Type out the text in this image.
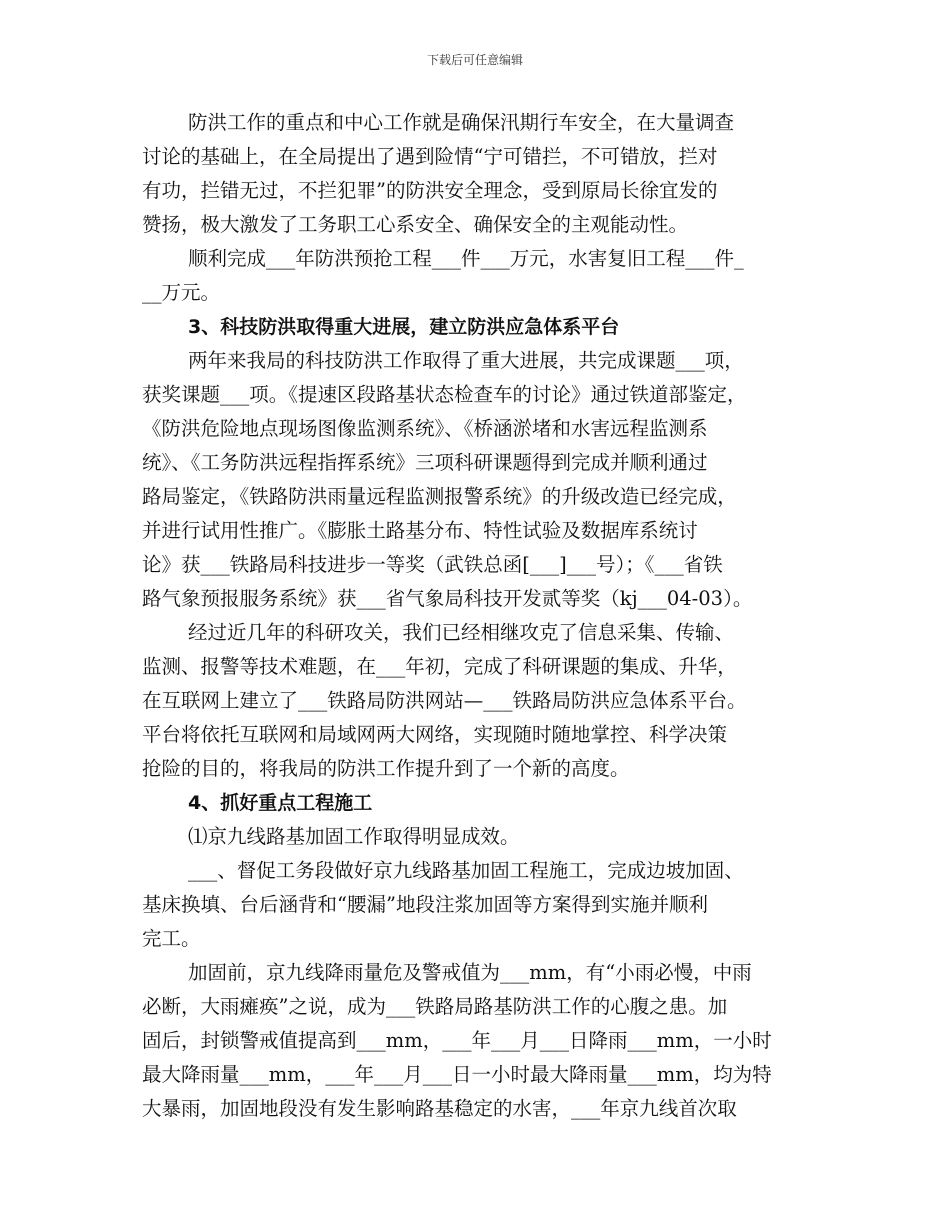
下载后可任意编辑
防洪工作的重点和中心工作就是确保汛期行车安全，在大量调查
讨论的基础上，在全局提出了遇到险情“宁可错拦，不可错放，拦对
有功，拦错无过，不拦犯罪”的防洪安全理念，受到原局长徐宜发的
赞扬，极大激发了工务职工心系安全、确保安全的主观能动性。
顺利完成___年防洪预抢工程___件___万元，水害复旧工程___件_
__万元。
3、科技防洪取得重大进展，建立防洪应急体系平台
两年来我局的科技防洪工作取得了重大进展，共完成课题___项，
获奖课题___项。《提速区段路基状态检查车的讨论》通过铁道部鉴定，
《防洪危险地点现场图像监测系统》、《桥涵淤堵和水害远程监测系
统》、《工务防洪远程指挥系统》三项科研课题得到完成并顺利通过
路局鉴定，《铁路防洪雨量远程监测报警系统》的升级改造已经完成，
并进行试用性推广。《膨胀土路基分布、特性试验及数据库系统讨
论》获___铁路局科技进步一等奖（武铁总函[___]___号）；《___省铁
路气象预报服务系统》获___省气象局科技开发贰等奖（kj___04-03）。
经过近几年的科研攻关，我们已经相继攻克了信息采集、传输、
监测、报警等技术难题，在___年初，完成了科研课题的集成、升华，
在互联网上建立了___铁路局防洪网站—___铁路局防洪应急体系平台。
平台将依托互联网和局域网两大网络，实现随时随地掌控、科学决策
抢险的目的，将我局的防洪工作提升到了一个新的高度。
4、抓好重点工程施工
⑴京九线路基加固工作取得明显成效。
___、督促工务段做好京九线路基加固工程施工，完成边坡加固、
基床换填、台后涵背和“腰漏”地段注浆加固等方案得到实施并顺利
完工。
加固前，京九线降雨量危及警戒值为___mm，有“小雨必慢，中雨
必断，大雨瘫痪”之说，成为___铁路局路基防洪工作的心腹之患。加
固后，封锁警戒值提高到___mm，___年___月___日降雨___mm，一小时
最大降雨量___mm，___年___月___日一小时最大降雨量___mm，均为特
大暴雨，加固地段没有发生影响路基稳定的水害，___年京九线首次取
